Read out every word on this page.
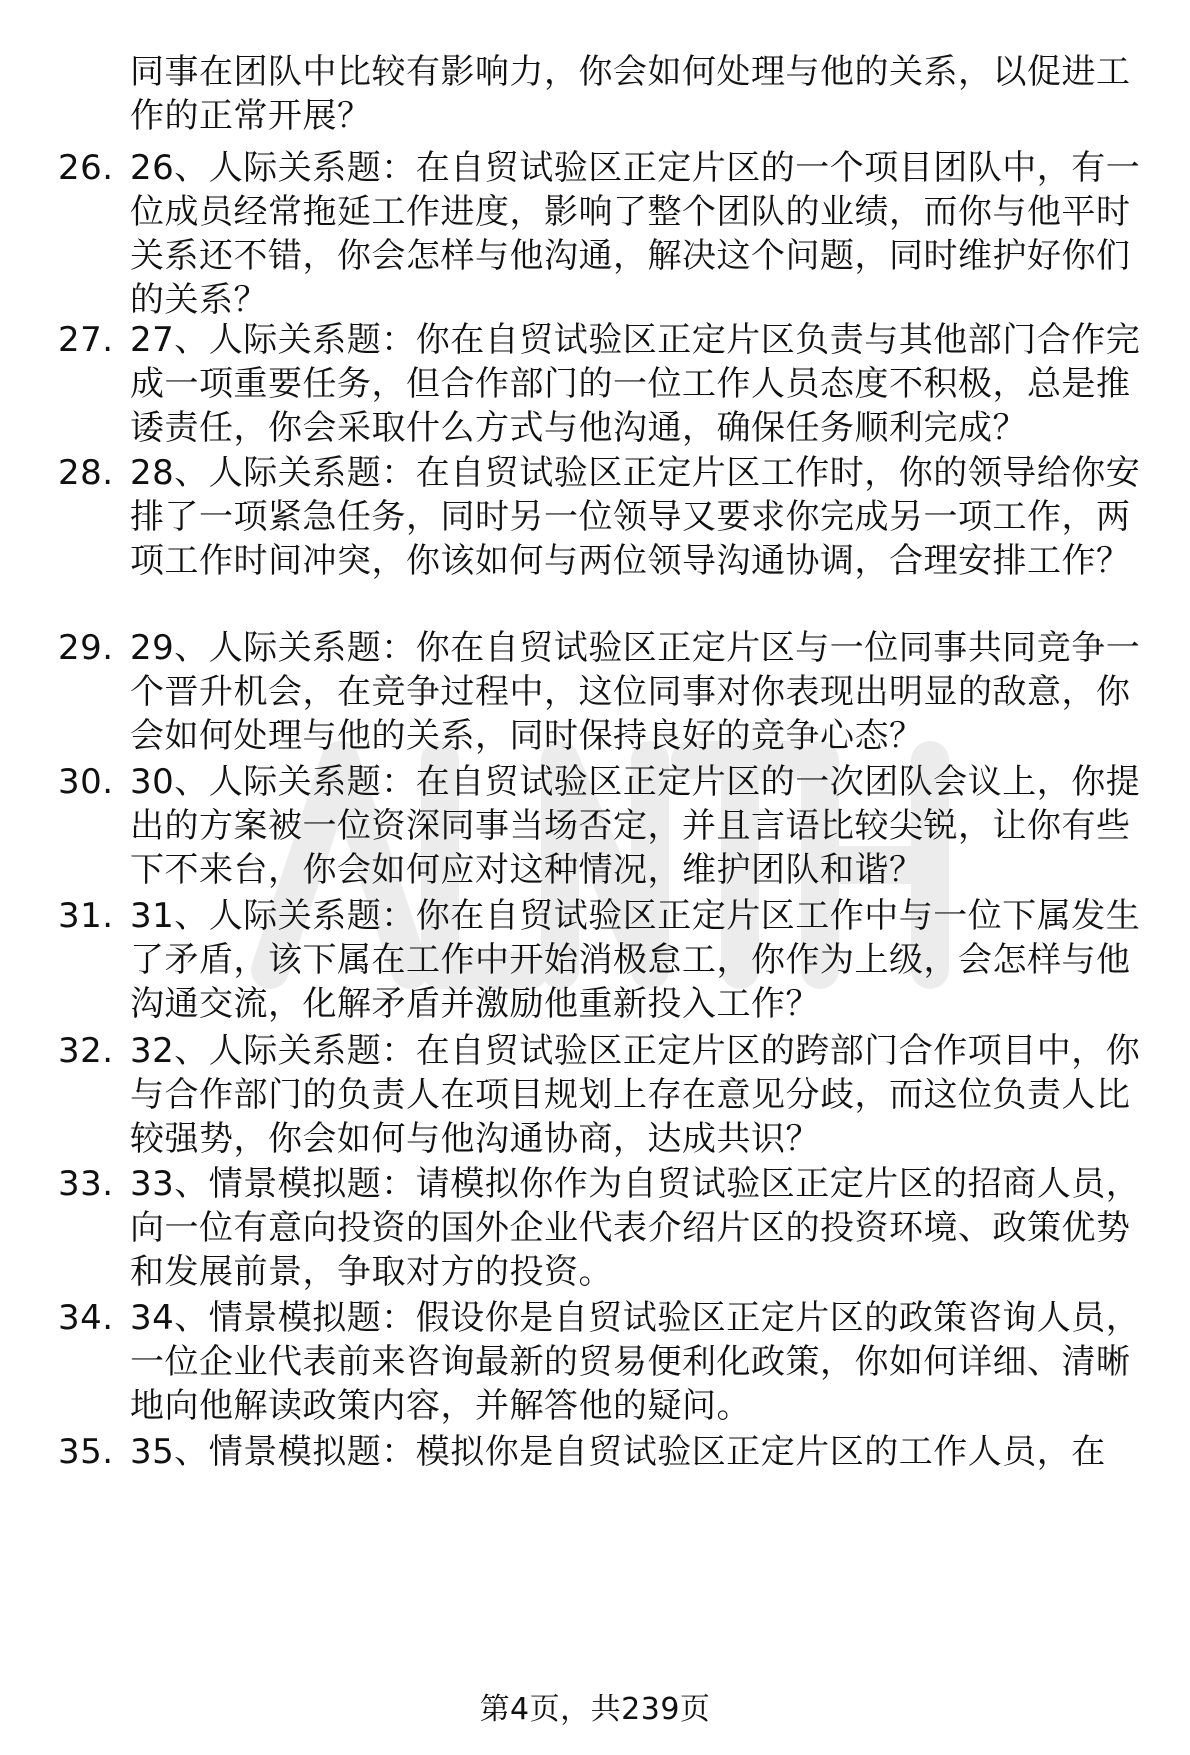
同事在团队中比较有影响力，你会如何处理与他的关系，以促进工作的正常开展？

26. 26、人际关系题：在自贸试验区正定片区的一个项目团队中，有一位成员经常拖延工作进度，影响了整个团队的业绩，而你与他平时关系还不错，你会怎样与他沟通，解决这个问题，同时维护好你们的关系？

27. 27、人际关系题：你在自贸试验区正定片区负责与其他部门合作完成一项重要任务，但合作部门的一位工作人员态度不积极，总是推诿责任，你会采取什么方式与他沟通，确保任务顺利完成？

28. 28、人际关系题：在自贸试验区正定片区工作时，你的领导给你安排了一项紧急任务，同时另一位领导又要求你完成另一项工作，两项工作时间冲突，你该如何与两位领导沟通协调，合理安排工作？

29. 29、人际关系题：你在自贸试验区正定片区与一位同事共同竞争一个晋升机会，在竞争过程中，这位同事对你表现出明显的敌意，你会如何处理与他的关系，同时保持良好的竞争心态？

30. 30、人际关系题：在自贸试验区正定片区的一次团队会议上，你提出的方案被一位资深同事当场否定，并且言语比较尖锐，让你有些下不来台，你会如何应对这种情况，维护团队和谐？

31. 31、人际关系题：你在自贸试验区正定片区工作中与一位下属发生了矛盾，该下属在工作中开始消极怠工，你作为上级，会怎样与他沟通交流，化解矛盾并激励他重新投入工作？

32. 32、人际关系题：在自贸试验区正定片区的跨部门合作项目中，你与合作部门的负责人在项目规划上存在意见分歧，而这位负责人比较强势，你会如何与他沟通协商，达成共识？

33. 33、情景模拟题：请模拟你作为自贸试验区正定片区的招商人员，向一位有意向投资的国外企业代表介绍片区的投资环境、政策优势和发展前景，争取对方的投资。

34. 34、情景模拟题：假设你是自贸试验区正定片区的政策咨询人员，一位企业代表前来咨询最新的贸易便利化政策，你如何详细、清晰地向他解读政策内容，并解答他的疑问。

35. 35、情景模拟题：模拟你是自贸试验区正定片区的工作人员，在

第4页，共239页
